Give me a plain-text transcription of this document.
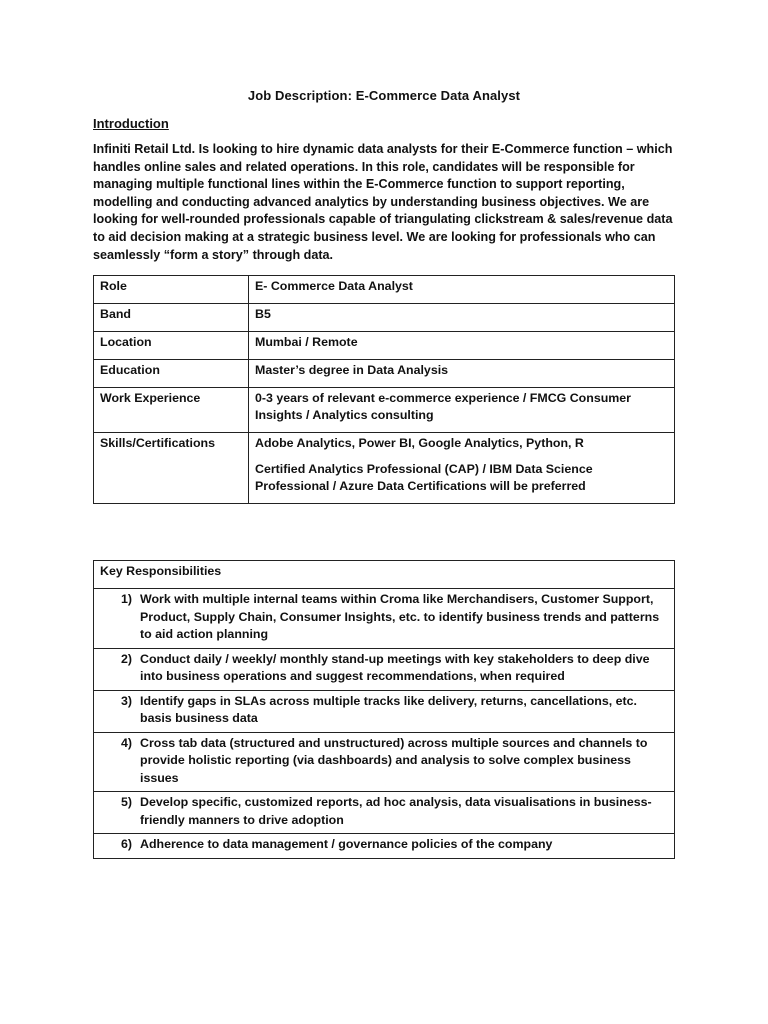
Job Description: E-Commerce Data Analyst
Introduction

Infiniti Retail Ltd. Is looking to hire dynamic data analysts for their E-Commerce function – which handles online sales and related operations. In this role, candidates will be responsible for managing multiple functional lines within the E-Commerce function to support reporting, modelling and conducting advanced analytics by understanding business objectives. We are looking for well-rounded professionals capable of triangulating clickstream & sales/revenue data to aid decision making at a strategic business level. We are looking for professionals who can seamlessly “form a story” through data.

Role	E- Commerce Data Analyst
Band	B5
Location	Mumbai / Remote
Education	Master’s degree in Data Analysis
Work Experience	0-3 years of relevant e-commerce experience / FMCG Consumer Insights / Analytics consulting
Skills/Certifications	Adobe Analytics, Power BI, Google Analytics, Python, R
Certified Analytics Professional (CAP) / IBM Data Science Professional / Azure Data Certifications will be preferred
Key Responsibilities

1) Work with multiple internal teams within Croma like Merchandisers, Customer Support, Product, Supply Chain, Consumer Insights, etc. to identify business trends and patterns to aid action planning

2) Conduct daily / weekly/ monthly stand-up meetings with key stakeholders to deep dive into business operations and suggest recommendations, when required

3) Identify gaps in SLAs across multiple tracks like delivery, returns, cancellations, etc. basis business data

4) Cross tab data (structured and unstructured) across multiple sources and channels to provide holistic reporting (via dashboards) and analysis to solve complex business issues

5) Develop specific, customized reports, ad hoc analysis, data visualisations in business-friendly manners to drive adoption

6) Adherence to data management / governance policies of the company
